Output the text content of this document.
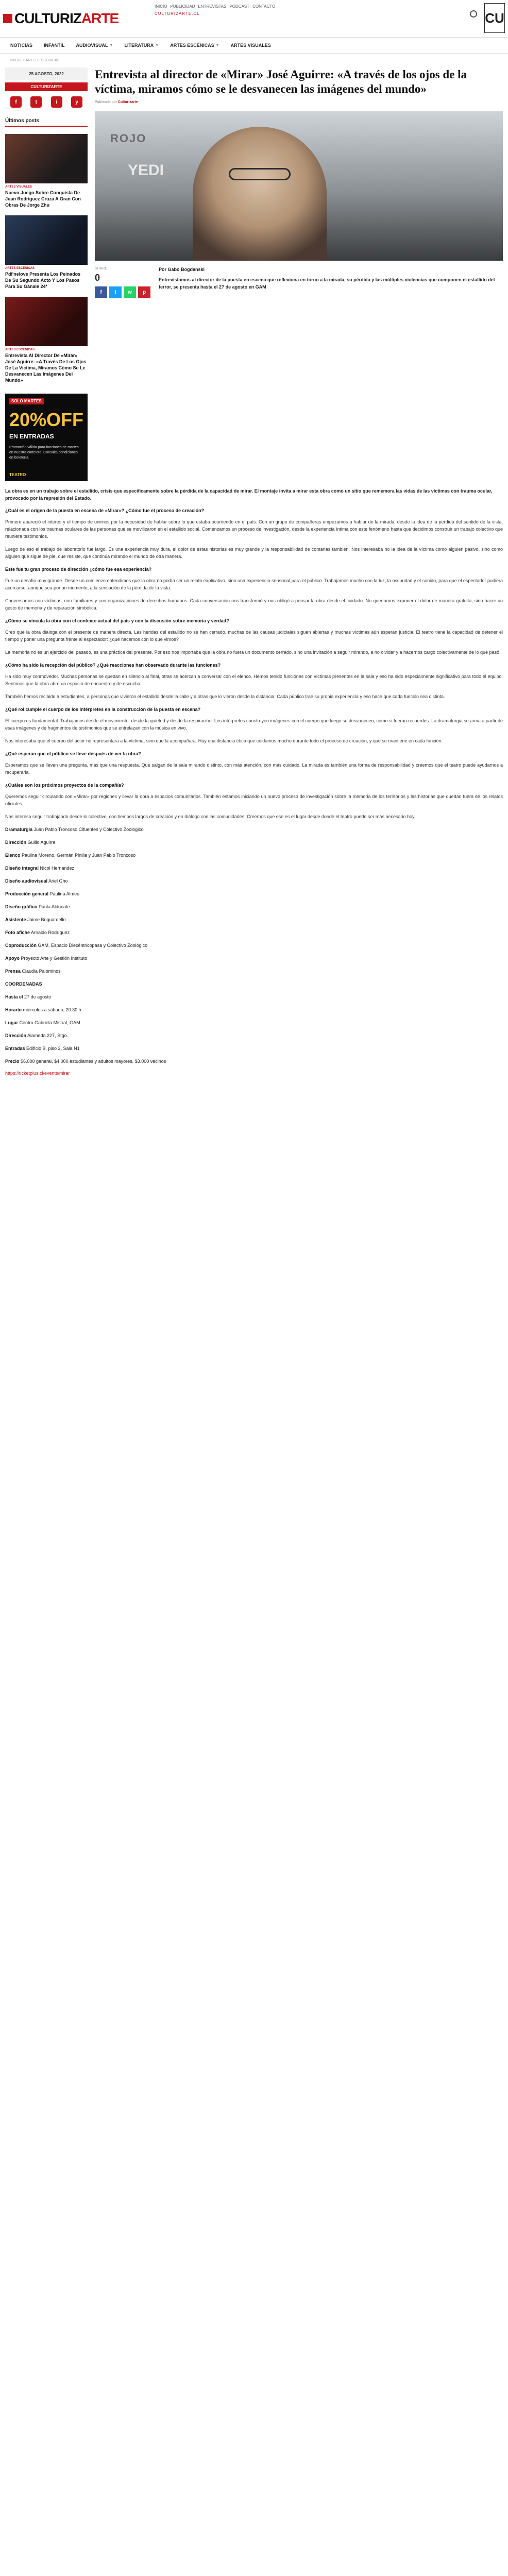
CULTURIZARTE
INICIO PUBLICIDAD ENTREVISTAS PODCAST CONTACTO
CULTURIZARTE.CL	CU
NOTICIAS INFANTIL AUDIOVISUAL ▼ LITERATURA ▼ ARTES ESCÉNICAS ▼ ARTES VISUALES
INICIO › ARTES ESCÉNICAS
25 AGOSTO, 2022
CULTURIZARTE
f	t	i	y
Últimos posts
ARTES VISUALES
Nuevo Juego Sobre Conquista De Juan Rodríguez Cruza A Gran Con Obras De Jorge Zhu
ARTES ESCÉNICAS
Pdi'nelove Presenta Los Peinados De Su Segundo Acto Y Los Pasos Para Su Gánale 24*
ARTES ESCÉNICAS
Entrevista Al Director De «Mirar» José Aguirre: «A Través De Los Ojos De La Víctima, Miramos Cómo Se Le Desvanecen Las Imágenes Del Mundo»
SOLO MARTES
20%OFF
EN ENTRADAS
Promoción válida para funciones de martes en nuestra cartelera. Consulta condiciones en boletería.
TEATRO
Entrevista al director de «Mirar» José Aguirre: «A través de los ojos de la víctima, miramos cómo se le desvanecen las imágenes del mundo»
Publicado por Culturizarte
ROJO
YEDI
SHARE
0
f	t	w	p
Por Gabo Bogdanski
Entrevistamos al director de la puesta en escena que reflexiona en torno a la mirada, su pérdida y las múltiples violencias que componen el estallido del terror, se presenta hasta el 27 de agosto en GAM
La obra es en un trabajo sobre el estallido, crisis que específicamente sobre la pérdida de la capacidad de mirar. El montaje invita a mirar esta obra como un sitio que rememora las vidas de las víctimas con trauma ocular, provocado por la represión del Estado.
¿Cuál es el origen de la puesta en escena de «Mirar»? ¿Cómo fue el proceso de creación?
Primero apareció el interés y el tiempo de unirnos por la necesidad de hablar sobre lo que estaba ocurriendo en el país. Con un grupo de compañeras empezamos a hablar de la mirada, desde la idea de la pérdida del sentido de la vista, relacionada con los traumas oculares de las personas que se movilizaron en el estallido social. Comenzamos un proceso de investigación, desde la experiencia íntima con este fenómeno hasta que decidimos construir un trabajo colectivo que reuniera testimonios.
Luego de eso el trabajo de laboratorio fue largo. Es una experiencia muy dura, el dolor de estas historias es muy grande y la responsabilidad de contarlas también. Nos interesaba no la idea de la víctima como alguien pasivo, sino como alguien que sigue de pie, que resiste, que continúa mirando el mundo de otra manera.
Este fue tu gran proceso de dirección ¿cómo fue esa experiencia?
Fue un desafío muy grande. Desde un comienzo entendimos que la obra no podía ser un relato explicativo, sino una experiencia sensorial para el público. Trabajamos mucho con la luz, la oscuridad y el sonido, para que el espectador pudiera acercarse, aunque sea por un momento, a la sensación de la pérdida de la vista.
Conversamos con víctimas, con familiares y con organizaciones de derechos humanos. Cada conversación nos transformó y nos obligó a pensar la obra desde el cuidado. No queríamos exponer el dolor de manera gratuita, sino hacer un gesto de memoria y de reparación simbólica.
¿Cómo se vincula la obra con el contexto actual del país y con la discusión sobre memoria y verdad?
Creo que la obra dialoga con el presente de manera directa. Las heridas del estallido no se han cerrado, muchas de las causas judiciales siguen abiertas y muchas víctimas aún esperan justicia. El teatro tiene la capacidad de detener el tiempo y poner una pregunta frente al espectador: ¿qué hacemos con lo que vimos?
La memoria no es un ejercicio del pasado, es una práctica del presente. Por eso nos importaba que la obra no fuera un documento cerrado, sino una invitación a seguir mirando, a no olvidar y a hacernos cargo colectivamente de lo que pasó.
¿Cómo ha sido la recepción del público? ¿Qué reacciones han observado durante las funciones?
Ha sido muy conmovedor. Muchas personas se quedan en silencio al final, otras se acercan a conversar con el elenco. Hemos tenido funciones con víctimas presentes en la sala y eso ha sido especialmente significativo para todo el equipo. Sentimos que la obra abre un espacio de encuentro y de escucha.
También hemos recibido a estudiantes, a personas que vivieron el estallido desde la calle y a otras que lo vieron desde la distancia. Cada público trae su propia experiencia y eso hace que cada función sea distinta.
¿Qué rol cumple el cuerpo de los intérpretes en la construcción de la puesta en escena?
El cuerpo es fundamental. Trabajamos desde el movimiento, desde la quietud y desde la respiración. Los intérpretes construyen imágenes con el cuerpo que luego se desvanecen, como si fueran recuerdos. La dramaturgia se arma a partir de esas imágenes y de fragmentos de testimonios que se entrelazan con la música en vivo.
Nos interesaba que el cuerpo del actor no representara a la víctima, sino que la acompañara. Hay una distancia ética que cuidamos mucho durante todo el proceso de creación, y que se mantiene en cada función.
¿Qué esperan que el público se lleve después de ver la obra?
Esperamos que se lleven una pregunta, más que una respuesta. Que salgan de la sala mirando distinto, con más atención, con más cuidado. La mirada es también una forma de responsabilidad y creemos que el teatro puede ayudarnos a recuperarla.
¿Cuáles son los próximos proyectos de la compañía?
Queremos seguir circulando con «Mirar» por regiones y llevar la obra a espacios comunitarios. También estamos iniciando un nuevo proceso de investigación sobre la memoria de los territorios y las historias que quedan fuera de los relatos oficiales.
Nos interesa seguir trabajando desde lo colectivo, con tiempos largos de creación y en diálogo con las comunidades. Creemos que ese es el lugar desde donde el teatro puede ser más necesario hoy.
Dramaturgia Juan Pablo Troncoso Cifuentes y Colectivo Zoológico
Dirección Guillo Aguirre
Elenco Paulina Moreno, Germán Pinilla y Juan Pablo Troncoso
Diseño integral Nicol Hernández
Diseño audiovisual Ariel Gho
Producción general Paulina Almeu
Diseño gráfico Paula Aldunate
Asistente Jaime Briguardello
Foto afiche Arnaldo Rodríguez
Coproducción GAM, Espacio Diecéntricopasa y Colectivo Zoológico
Apoyo Proyecto Arte y Gestión Instituto
Prensa Claudia Palominos
COORDENADAS
Hasta el 27 de agosto
Horario miércoles a sábado, 20:30 h
Lugar Centro Gabriela Mistral, GAM
Dirección Alameda 227, Stgo.
Entradas Edificio B, piso 2, Sala N1
Precio $6.000 general, $4.000 estudiantes y adultos mayores, $3.000 vecinos
https://ticketplus.cl/events/mirar
